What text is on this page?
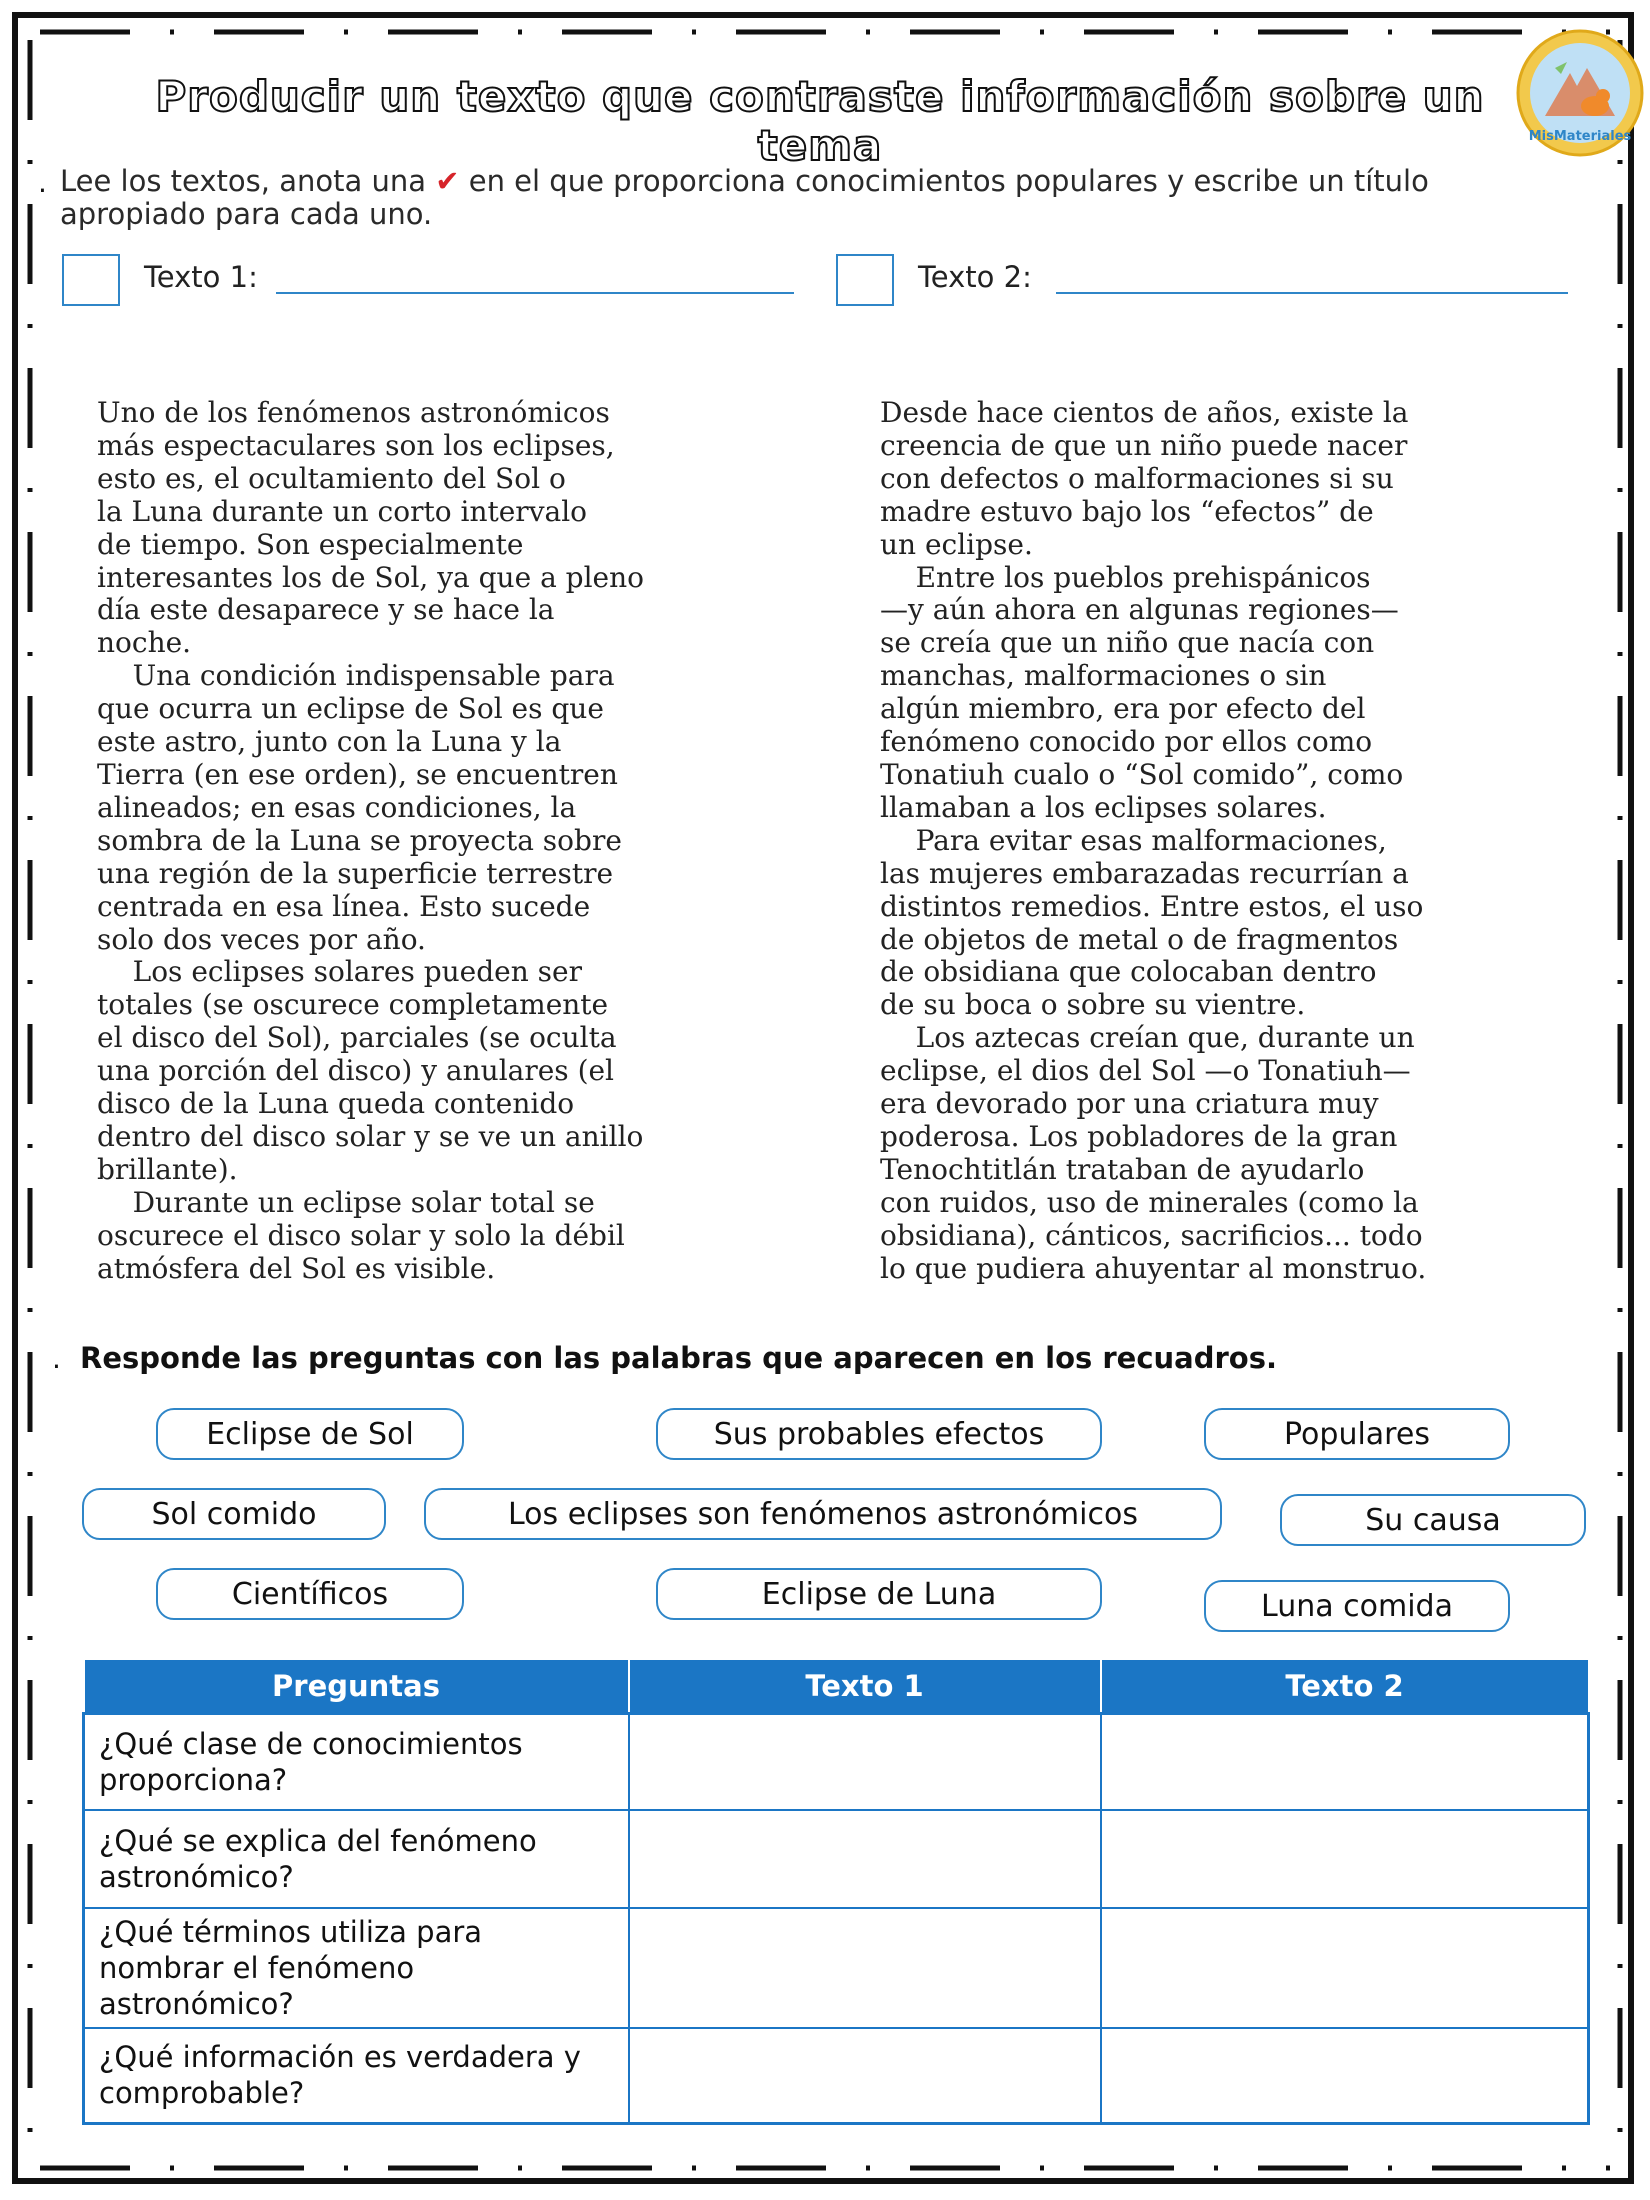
Producir un texto que contraste información sobre un tema	MisMateriales
. Lee los textos, anota una ✔ en el que proporciona conocimientos populares y escribe un título apropiado para cada uno.
Texto 1:	Texto 2:
Uno de los fenómenos astronómicos
más espectaculares son los eclipses,
esto es, el ocultamiento del Sol o
la Luna durante un corto intervalo
de tiempo. Son especialmente
interesantes los de Sol, ya que a pleno
día este desaparece y se hace la
noche.
Una condición indispensable para
que ocurra un eclipse de Sol es que
este astro, junto con la Luna y la
Tierra (en ese orden), se encuentren
alineados; en esas condiciones, la
sombra de la Luna se proyecta sobre
una región de la superficie terrestre
centrada en esa línea. Esto sucede
solo dos veces por año.
Los eclipses solares pueden ser
totales (se oscurece completamente
el disco del Sol), parciales (se oculta
una porción del disco) y anulares (el
disco de la Luna queda contenido
dentro del disco solar y se ve un anillo
brillante).
Durante un eclipse solar total se
oscurece el disco solar y solo la débil
atmósfera del Sol es visible.
Desde hace cientos de años, existe la
creencia de que un niño puede nacer
con defectos o malformaciones si su
madre estuvo bajo los “efectos” de
un eclipse.
Entre los pueblos prehispánicos
—y aún ahora en algunas regiones—
se creía que un niño que nacía con
manchas, malformaciones o sin
algún miembro, era por efecto del
fenómeno conocido por ellos como
Tonatiuh cualo o “Sol comido”, como
llamaban a los eclipses solares.
Para evitar esas malformaciones,
las mujeres embarazadas recurrían a
distintos remedios. Entre estos, el uso
de objetos de metal o de fragmentos
de obsidiana que colocaban dentro
de su boca o sobre su vientre.
Los aztecas creían que, durante un
eclipse, el dios del Sol —o Tonatiuh—
era devorado por una criatura muy
poderosa. Los pobladores de la gran
Tenochtitlán trataban de ayudarlo
con ruidos, uso de minerales (como la
obsidiana), cánticos, sacrificios... todo
lo que pudiera ahuyentar al monstruo.
. Responde las preguntas con las palabras que aparecen en los recuadros.
Eclipse de Sol	Sus probables efectos	Populares
Sol comido	Los eclipses son fenómenos astronómicos	Su causa
Científicos	Eclipse de Luna	Luna comida
Preguntas	Texto 1	Texto 2
¿Qué clase de conocimientos proporciona?		
¿Qué se explica del fenómeno astronómico?		
¿Qué términos utiliza para nombrar el fenómeno astronómico?		
¿Qué información es verdadera y comprobable?		
